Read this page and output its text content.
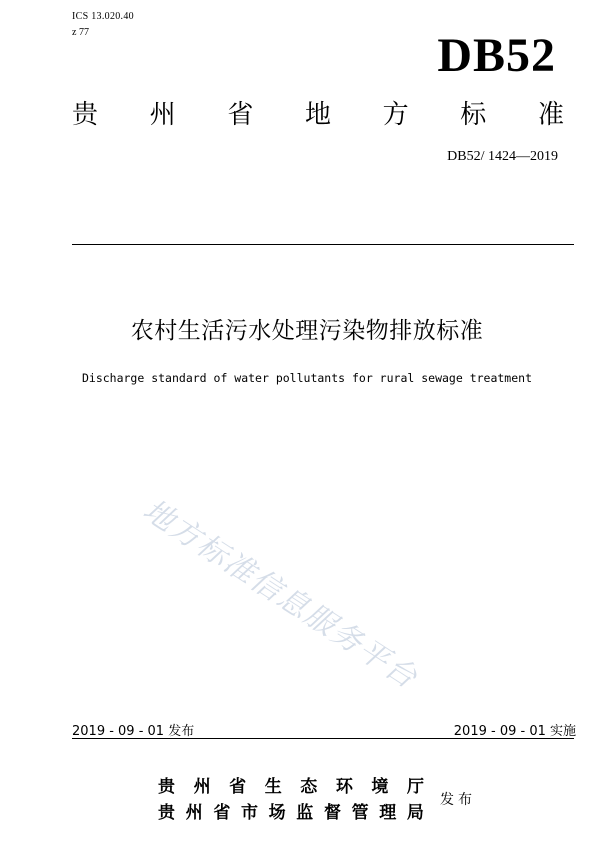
ICS 13.020.40
z 77	DB52
贵 州 省 地 方 标 准
DB52/ 1424—2019
农村生活污水处理污染物排放标准
Discharge standard of water pollutants for rural sewage treatment
地方标准信息服务平台
2019 - 09 - 01 发布	2019 - 09 - 01 实施
贵 州 省 生 态 环 境 厅
贵 州 省 市 场 监 督 管 理 局
发布
